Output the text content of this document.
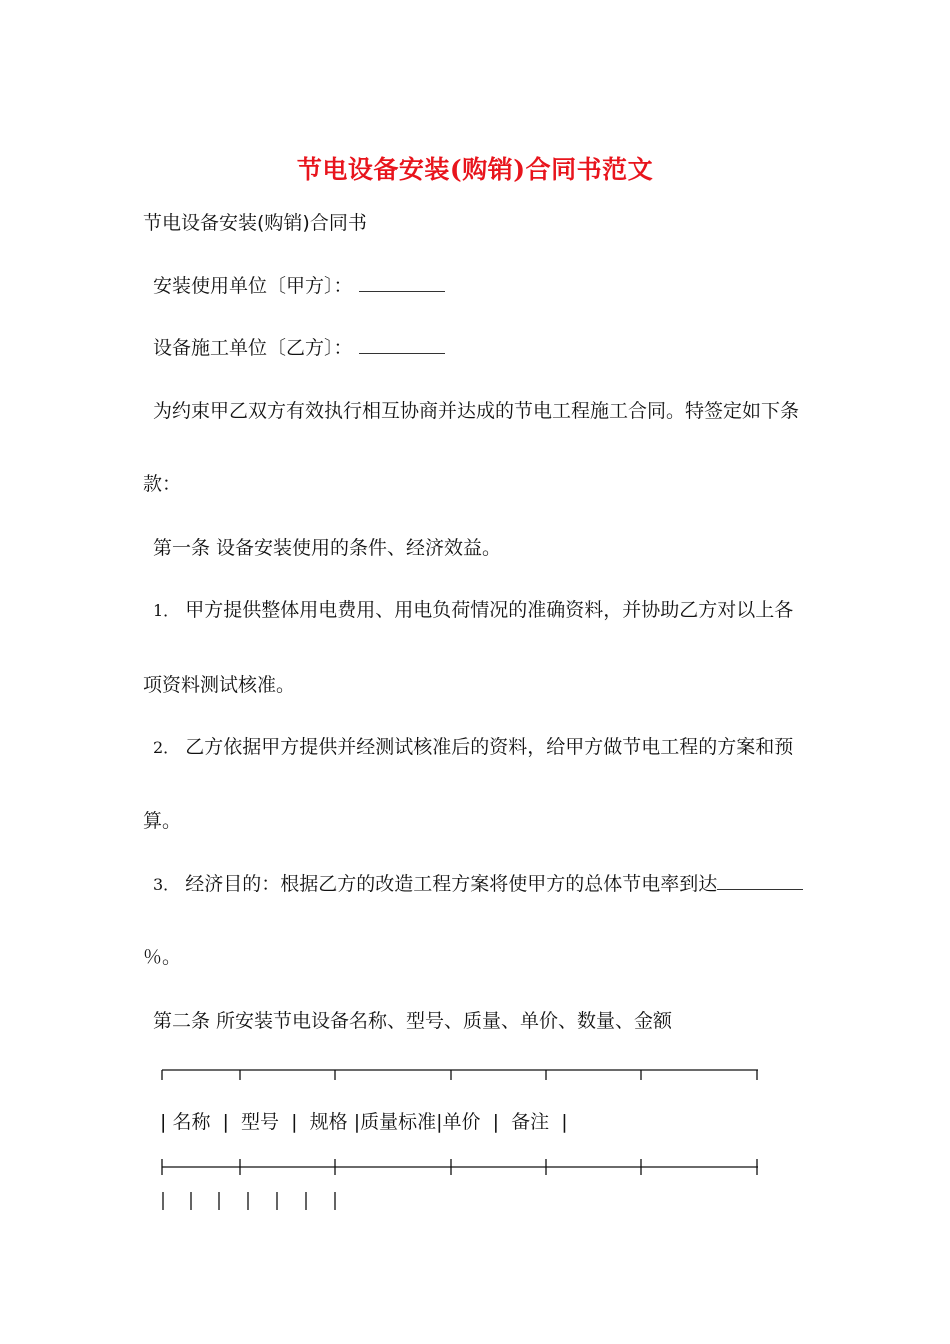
节电设备安装(购销)合同书范文
节电设备安装(购销)合同书
安装使用单位〔甲方〕：
设备施工单位〔乙方〕：
为约束甲乙双方有效执行相互协商并达成的节电工程施工合同。特签定如下条
款：
第一条 设备安装使用的条件、经济效益。
1． 甲方提供整体用电费用、用电负荷情况的准确资料，并协助乙方对以上各
项资料测试核准。
2． 乙方依据甲方提供并经测试核准后的资料，给甲方做节电工程的方案和预
算。
3． 经济目的：根据乙方的改造工程方案将使甲方的总体节电率到达
％。
第二条 所安装节电设备名称、型号、质量、单价、数量、金额
| 名称  |  型号  |  规格 |质量标准|单价  |  备注  |
